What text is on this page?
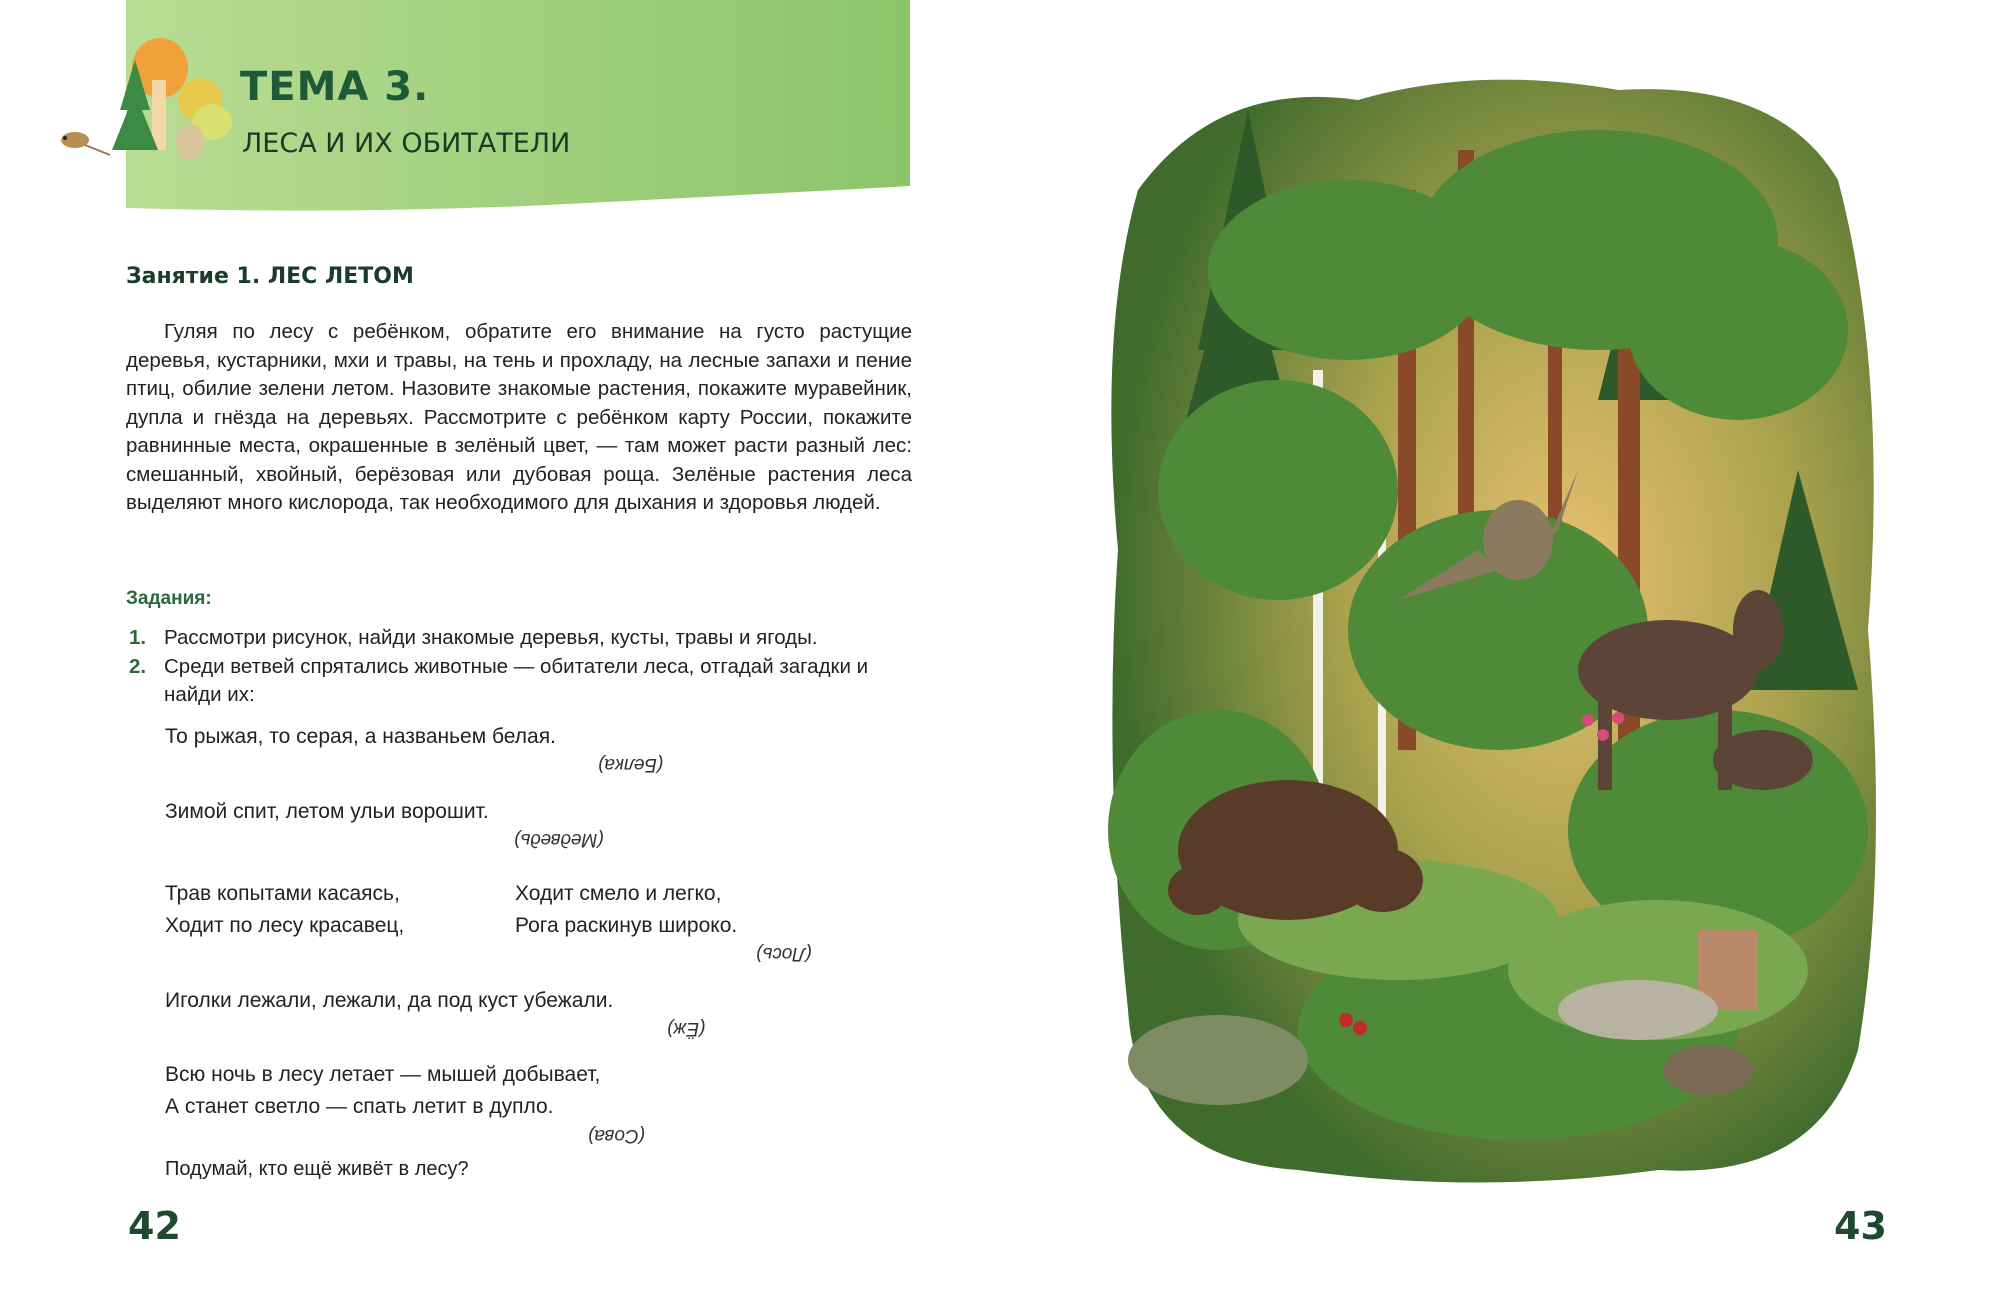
ТЕМА 3.
ЛЕСА И ИХ ОБИТАТЕЛИ
Занятие 1. ЛЕС ЛЕТОМ

Гуляя по лесу с ребёнком, обратите его внимание на густо растущие деревья, кустарники, мхи и травы, на тень и прохладу, на лесные запахи и пение птиц, обилие зелени летом. Назовите знакомые растения, покажите муравейник, дупла и гнёзда на деревьях. Рассмотрите с ребёнком карту России, покажите равнинные места, окрашенные в зелёный цвет, — там может расти разный лес: смешанный, хвойный, берёзовая или дубовая роща. Зелёные растения леса выделяют много кислорода, так необходимого для дыхания и здоровья людей.

Задания:
1. Рассмотри рисунок, найди знакомые деревья, кусты, травы и ягоды.
2. Среди ветвей спрятались животные — обитатели леса, отгадай загадки и найди их:
То рыжая, то серая, а названьем белая.
(Белка)
Зимой спит, летом ульи ворошит.
(Медведь)
Трав копытами касаясь,	Ходит смело и легко,
Ходит по лесу красавец,	Рога раскинув широко.
(Лось)
Иголки лежали, лежали, да под куст убежали.
(Ёж)
Всю ночь в лесу летает — мышей добывает,
А станет светло — спать летит в дупло.
(Сова)
Подумай, кто ещё живёт в лесу?
42	43
